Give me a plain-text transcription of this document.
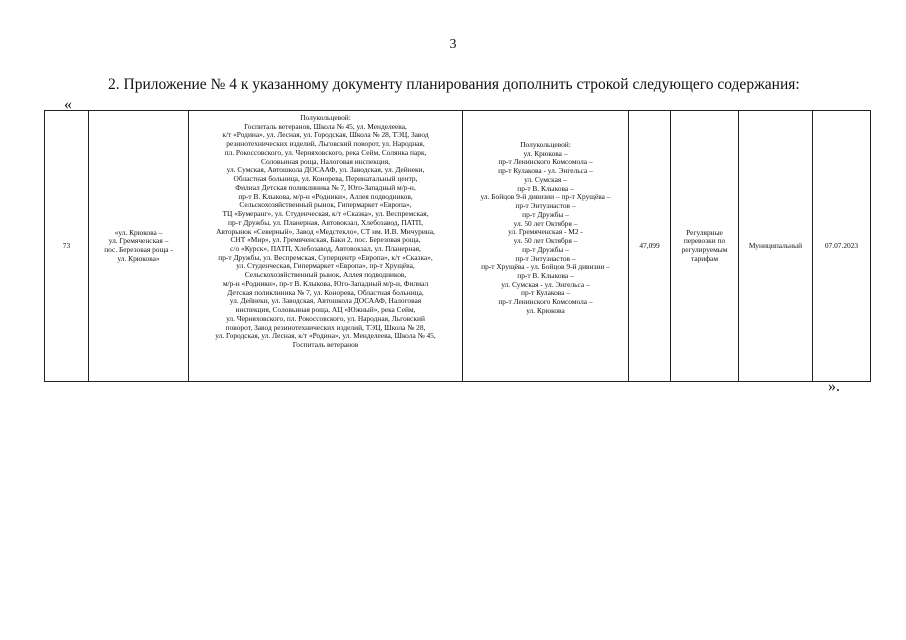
3
2. Приложение № 4 к указанному документу планирования дополнить строкой следующего содержания:
«
73	«ул. Крюкова –
ул. Гремяченская –
пос. Березовая роща -
ул. Крюкова»	Полукольцевой:
Госпиталь ветеранов, Школа № 45, ул. Менделеева,
к/т «Родина», ул. Лесная, ул. Городская, Школа № 28, ТЭЦ, Завод
резинотехнических изделий, Льговский поворот, ул. Народная,
пл. Рокоссовского, ул. Черняховского, река Сейм, Солянка парк,
Соловьиная роща, Налоговая инспекция,
ул. Сумская, Автошкола ДОСААФ, ул. Заводская, ул. Дейнеки,
Областная больница, ул. Конорева, Перинатальный центр,
Филиал Детская поликлиника № 7, Юго-Западный м/р-н,
пр-т В. Клыкова, м/р-н «Родники», Аллея подводников,
Сельскохозяйственный рынок, Гипермаркет «Европа»,
ТЦ «Бумеранг», ул. Студенческая, к/т «Сказка», ул. Веспремская,
пр-т Дружбы, ул. Планерная, Автовокзал, Хлебозавод, ПАТП,
Авторынок «Северный», Завод «Медстекло», СТ им. И.В. Мичурина,
СНТ «Мир», ул. Гремяченская, Баки 2, пос. Березовая роща,
с/о «Курск», ПАТП, Хлебозавод, Автовокзал, ул. Планерная,
пр-т Дружбы, ул. Веспремская, Суперцентр «Европа», к/т «Сказка»,
ул. Студенческая, Гипермаркет «Европа», пр-т Хрущёва,
Сельскохозяйственный рынок, Аллея подводников,
м/р-н «Родники», пр-т В. Клыкова, Юго-Западный м/р-н, Филиал
Детская поликлиника № 7, ул. Конорева, Областная больница,
ул. Дейнеки, ул. Заводская, Автошкола ДОСААФ, Налоговая
инспекция, Соловьиная роща, АЦ «Южный», река Сейм,
ул. Черняховского, пл. Рокоссовского, ул. Народная, Льговский
поворот, Завод резинотехнических изделий, ТЭЦ, Школа № 28,
ул. Городская, ул. Лесная, к/т «Родина», ул. Менделеева, Школа № 45,
Госпиталь ветеранов	Полукольцевой:
ул. Крюкова –
пр-т Ленинского Комсомола –
пр-т Кулакова - ул. Энгельса –
ул. Сумская –
пр-т В. Клыкова –
ул. Бойцов 9-й дивизии – пр-т Хрущёва –
пр-т Энтузиастов –
пр-т Дружбы –
ул. 50 лет Октября –
ул. Гремяченская - М2 -
ул. 50 лет Октября –
пр-т Дружбы –
пр-т Энтузиастов –
пр-т Хрущёва - ул. Бойцов 9-й дивизии –
пр-т В. Клыкова –
ул. Сумская - ул. Энгельса –
пр-т Кулакова –
пр-т Ленинского Комсомола –
ул. Крюкова	47,099	Регулярные
перевозки по
регулируемым
тарифам	Муниципальный	07.07.2023
».
